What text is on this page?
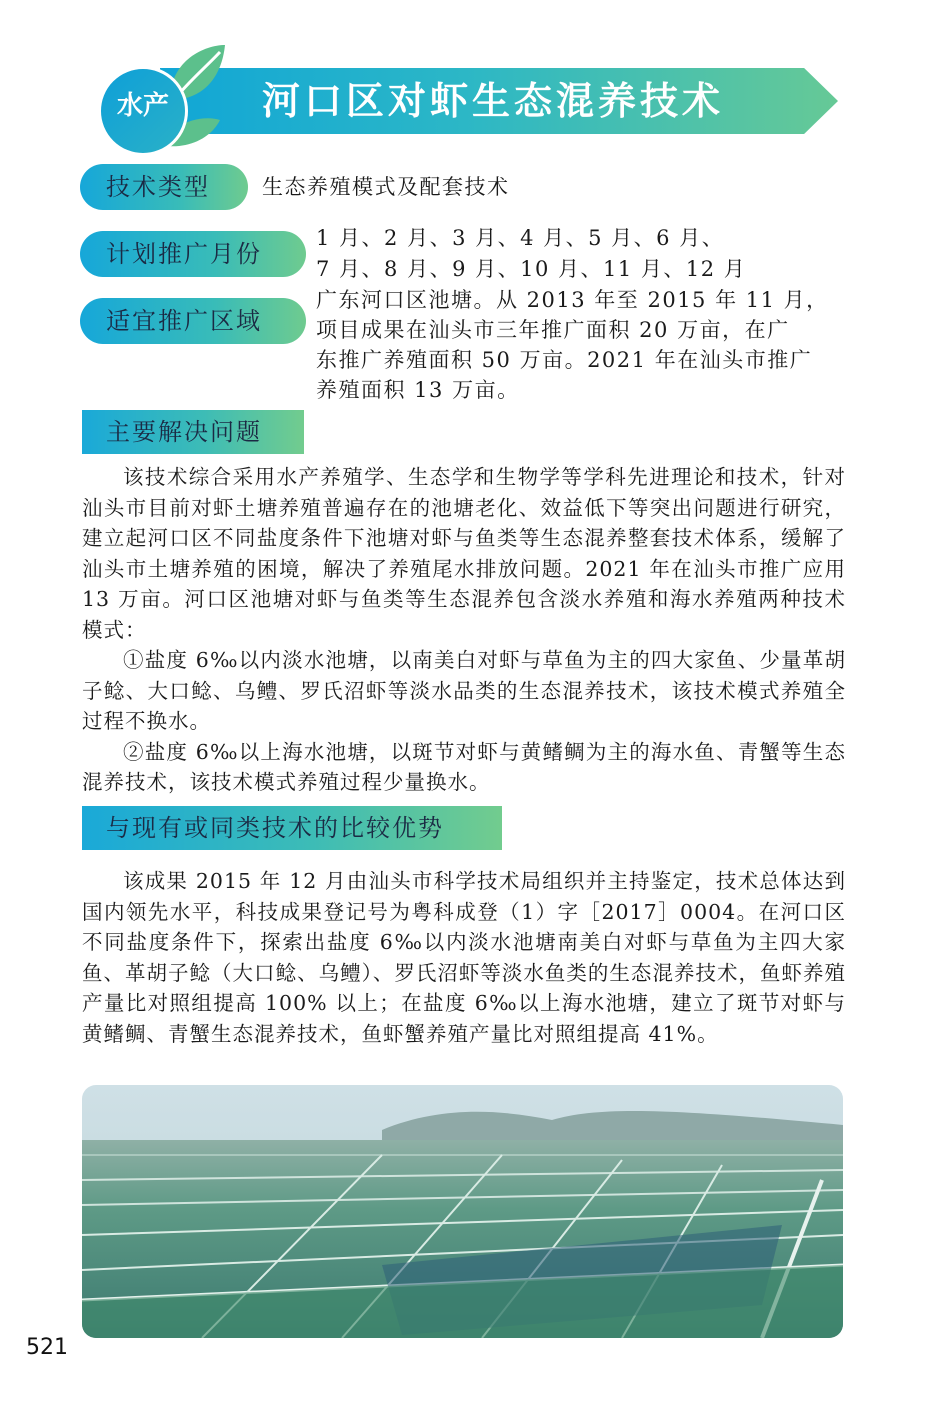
水产	河口区对虾生态混养技术
技术类型	生态养殖模式及配套技术
计划推广月份
1 月、2 月、3 月、4 月、5 月、6 月、
7 月、8 月、9 月、10 月、11 月、12 月
适宜推广区域
广东河口区池塘。从 2013 年至 2015 年 11 月，
项目成果在汕头市三年推广面积 20 万亩，在广
东推广养殖面积 50 万亩。2021 年在汕头市推广
养殖面积 13 万亩。
主要解决问题

该技术综合采用水产养殖学、生态学和生物学等学科先进理论和技术，针对汕头市目前对虾土塘养殖普遍存在的池塘老化、效益低下等突出问题进行研究，建立起河口区不同盐度条件下池塘对虾与鱼类等生态混养整套技术体系，缓解了汕头市土塘养殖的困境，解决了养殖尾水排放问题。2021 年在汕头市推广应用 13 万亩。河口区池塘对虾与鱼类等生态混养包含淡水养殖和海水养殖两种技术模式：

①盐度 6‰以内淡水池塘，以南美白对虾与草鱼为主的四大家鱼、少量革胡子鲶、大口鲶、乌鳢、罗氏沼虾等淡水品类的生态混养技术，该技术模式养殖全过程不换水。

②盐度 6‰以上海水池塘，以斑节对虾与黄鳍鲷为主的海水鱼、青蟹等生态混养技术，该技术模式养殖过程少量换水。

与现有或同类技术的比较优势

该成果 2015 年 12 月由汕头市科学技术局组织并主持鉴定，技术总体达到国内领先水平，科技成果登记号为粤科成登（1）字［2017］0004。在河口区不同盐度条件下，探索出盐度 6‰以内淡水池塘南美白对虾与草鱼为主四大家鱼、革胡子鲶（大口鲶、乌鳢）、罗氏沼虾等淡水鱼类的生态混养技术，鱼虾养殖产量比对照组提高 100% 以上；在盐度 6‰以上海水池塘，建立了斑节对虾与黄鳍鲷、青蟹生态混养技术，鱼虾蟹养殖产量比对照组提高 41%。

521
